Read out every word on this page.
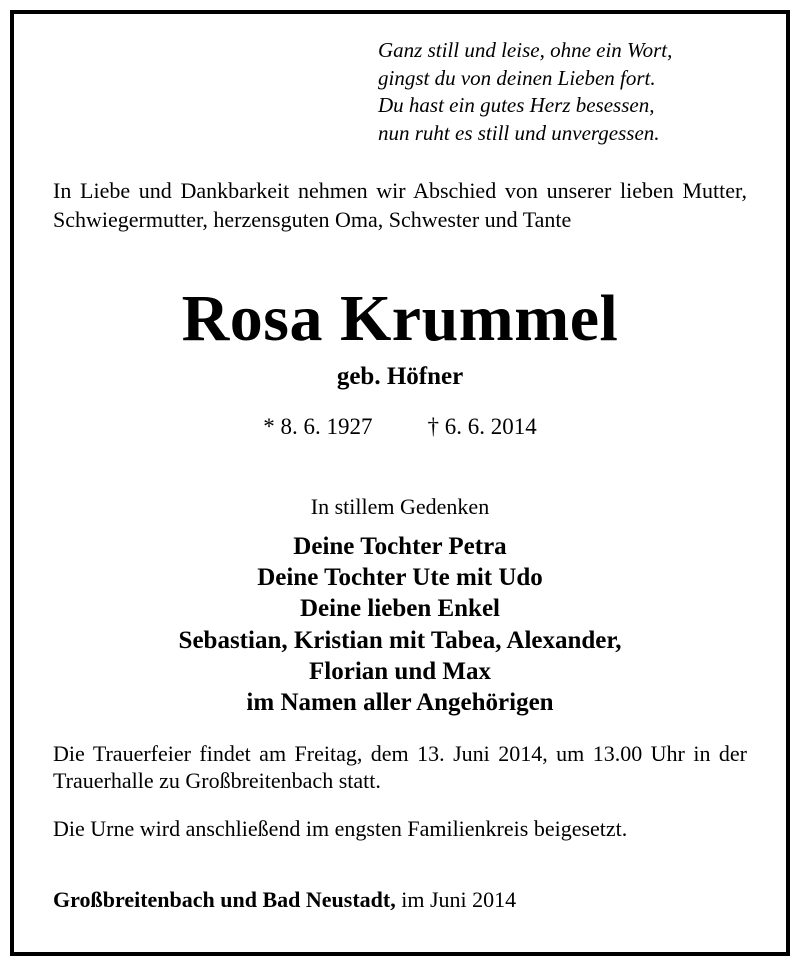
Ganz still und leise, ohne ein Wort,
gingst du von deinen Lieben fort.
Du hast ein gutes Herz besessen,
nun ruht es still und unvergessen.
In Liebe und Dankbarkeit nehmen wir Abschied von unserer lieben Mutter, Schwiegermutter, herzensguten Oma, Schwester und Tante
Rosa Krummel
geb. Höfner
* 8. 6. 1927 † 6. 6. 2014
In stillem Gedenken
Deine Tochter Petra
Deine Tochter Ute mit Udo
Deine lieben Enkel
Sebastian, Kristian mit Tabea, Alexander,
Florian und Max
im Namen aller Angehörigen
Die Trauerfeier findet am Freitag, dem 13. Juni 2014, um 13.00 Uhr in der Trauerhalle zu Großbreitenbach statt.
Die Urne wird anschließend im engsten Familienkreis beigesetzt.
Großbreitenbach und Bad Neustadt, im Juni 2014
